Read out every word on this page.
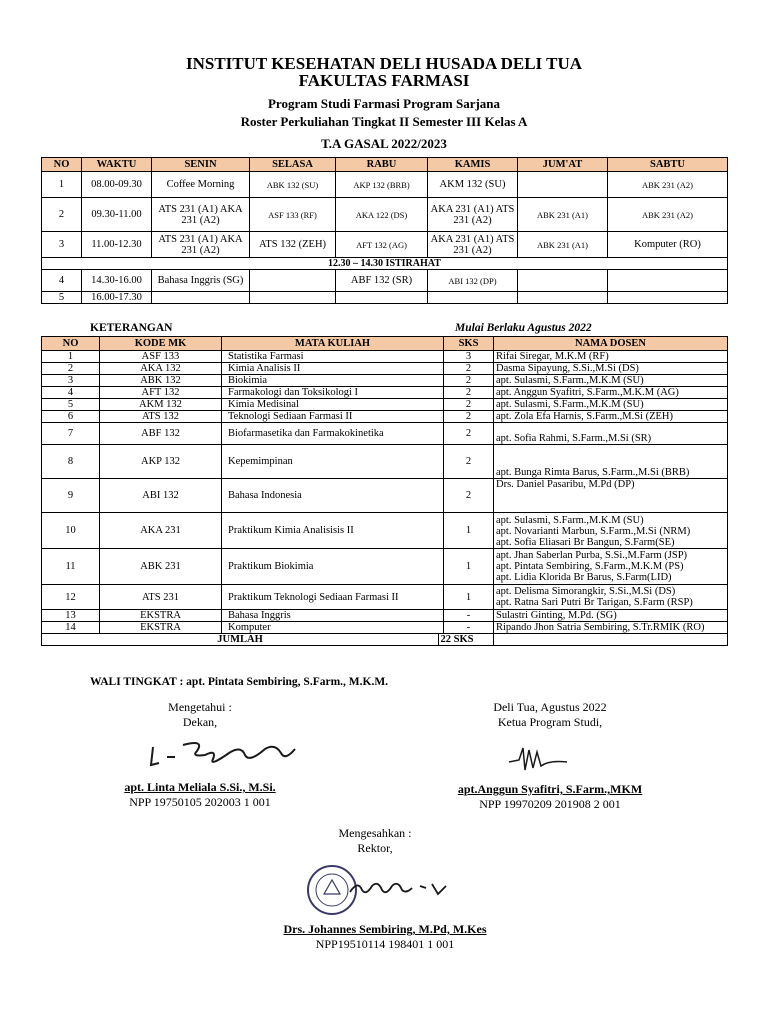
INSTITUT KESEHATAN DELI HUSADA DELI TUA
FAKULTAS FARMASI
Program Studi Farmasi Program Sarjana
Roster Perkuliahan Tingkat II Semester III Kelas A
T.A GASAL 2022/2023
NO	WAKTU	SENIN	SELASA	RABU	KAMIS	JUM'AT	SABTU
1	08.00-09.30	Coffee Morning	ABK 132 (SU)	AKP 132 (BRB)	AKM 132 (SU)		ABK 231 (A2)
2	09.30-11.00	ATS 231 (A1) AKA 231 (A2)	ASF 133 (RF)	AKA 122 (DS)	AKA 231 (A1) ATS 231 (A2)	ABK 231 (A1)	ABK 231 (A2)
3	11.00-12.30	ATS 231 (A1) AKA 231 (A2)	ATS 132 (ZEH)	AFT 132 (AG)	AKA 231 (A1) ATS 231 (A2)	ABK 231 (A1)	Komputer (RO)
12.30 – 14.30 ISTIRAHAT							
4	14.30-16.00	Bahasa Inggris (SG)		ABF 132 (SR)	ABI 132 (DP)		
5	16.00-17.30						
KETERANGAN	Mulai Berlaku Agustus 2022
NO	KODE MK	MATA KULIAH	SKS	NAMA DOSEN
1	ASF 133	Statistika Farmasi	3	Rifai Siregar, M.K.M (RF)

2	AKA 132	Kimia Analisis II	2	Dasma Sipayung, S.Si.,M.Si (DS)

3	ABK 132	Biokimia	2	apt. Sulasmi, S.Farm.,M.K.M (SU)

4	AFT 132	Farmakologi dan Toksikologi I	2	apt. Anggun Syafitri, S.Farm.,M.K.M (AG)

5	AKM 132	Kimia Medisinal	2	apt. Sulasmi, S.Farm.,M.K.M (SU)

6	ATS 132	Teknologi Sediaan Farmasi II	2	apt. Zola Efa Harnis, S.Farm.,M.Si (ZEH)

7	ABF 132	Biofarmasetika dan Farmakokinetika	2	apt. Sofia Rahmi, S.Farm.,M.Si (SR)

8	AKP 132	Kepemimpinan	2	apt. Bunga Rimta Barus, S.Farm.,M.Si (BRB)

9	ABI 132	Bahasa Indonesia	2	Drs. Daniel Pasaribu, M.Pd (DP)

10	AKA 231	Praktikum Kimia Analisisis II	1	apt. Sulasmi, S.Farm.,M.K.M (SU)
apt. Novarianti Marbun, S.Farm.,M.Si (NRM)
apt. Sofia Eliasari Br Bangun, S.Farm(SE)

11	ABK 231	Praktikum Biokimia	1	apt. Jhan Saberlan Purba, S.Si.,M.Farm (JSP)
apt. Pintata Sembiring, S.Farm.,M.K.M (PS)
apt. Lidia Klorida Br Barus, S.Farm(LID)

12	ATS 231	Praktikum Teknologi Sediaan Farmasi II	1	apt. Delisma Simorangkir, S.Si.,M.Si (DS)
apt. Ratna Sari Putri Br Tarigan, S.Farm (RSP)

13	EKSTRA	Bahasa Inggris	-	Sulastri Ginting, M.Pd. (SG)

14	EKSTRA	Komputer	-	Ripando Jhon Satria Sembiring, S.Tr.RMIK (RO)

JUMLAH 22 SKS				
WALI TINGKAT : apt. Pintata Sembiring, S.Farm., M.K.M.
Mengetahui :
Dekan,
apt. Linta Meliala S.Si., M.Si.
NPP 19750105 202003 1 001
Deli Tua, Agustus 2022
Ketua Program Studi,
apt.Anggun Syafitri, S.Farm.,MKM
NPP 19970209 201908 2 001
Mengesahkan :
Rektor,
Drs. Johannes Sembiring, M.Pd, M.Kes
NPP19510114 198401 1 001
